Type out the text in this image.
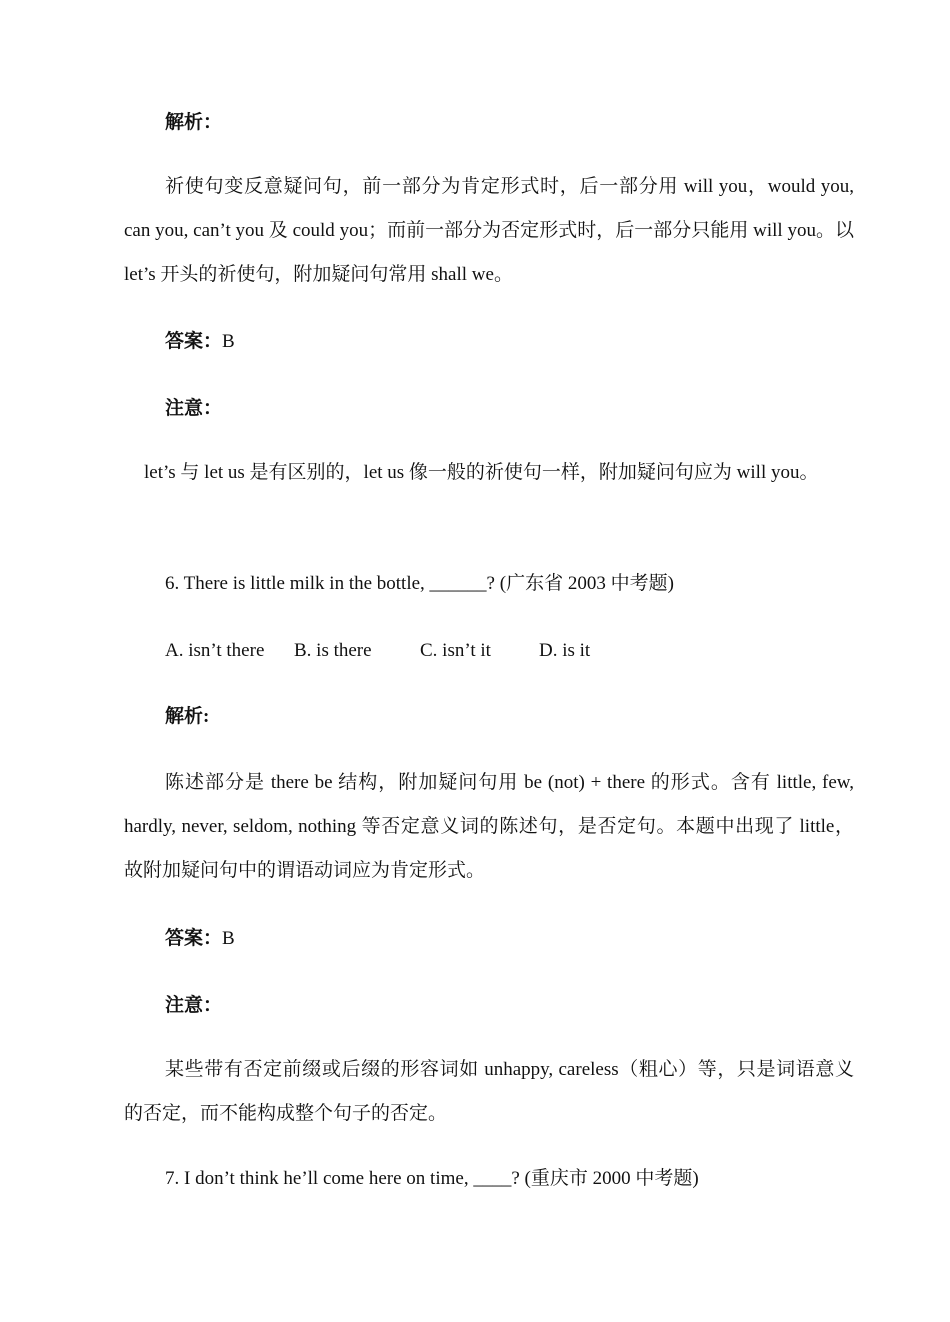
解析：
祈使句变反意疑问句，前一部分为肯定形式时，后一部分用 will you，would you, can you, can’t you 及 could you；而前一部分为否定形式时，后一部分只能用 will you。以 let’s 开头的祈使句，附加疑问句常用 shall we。
答案：B
注意：
let’s 与 let us 是有区别的，let us 像一般的祈使句一样，附加疑问句应为 will you。
6. There is little milk in the bottle, ______? (广东省 2003 中考题)
A. isn’t there B. is there	C. isn’t it	D. is it
解析:
陈述部分是 there be 结构，附加疑问句用 be (not) + there 的形式。含有 little, few, hardly, never, seldom, nothing 等否定意义词的陈述句，是否定句。本题中出现了 little，故附加疑问句中的谓语动词应为肯定形式。
答案：B
注意：
某些带有否定前缀或后缀的形容词如 unhappy, careless（粗心）等，只是词语意义的否定，而不能构成整个句子的否定。
7. I don’t think he’ll come here on time, ____? (重庆市 2000 中考题)
